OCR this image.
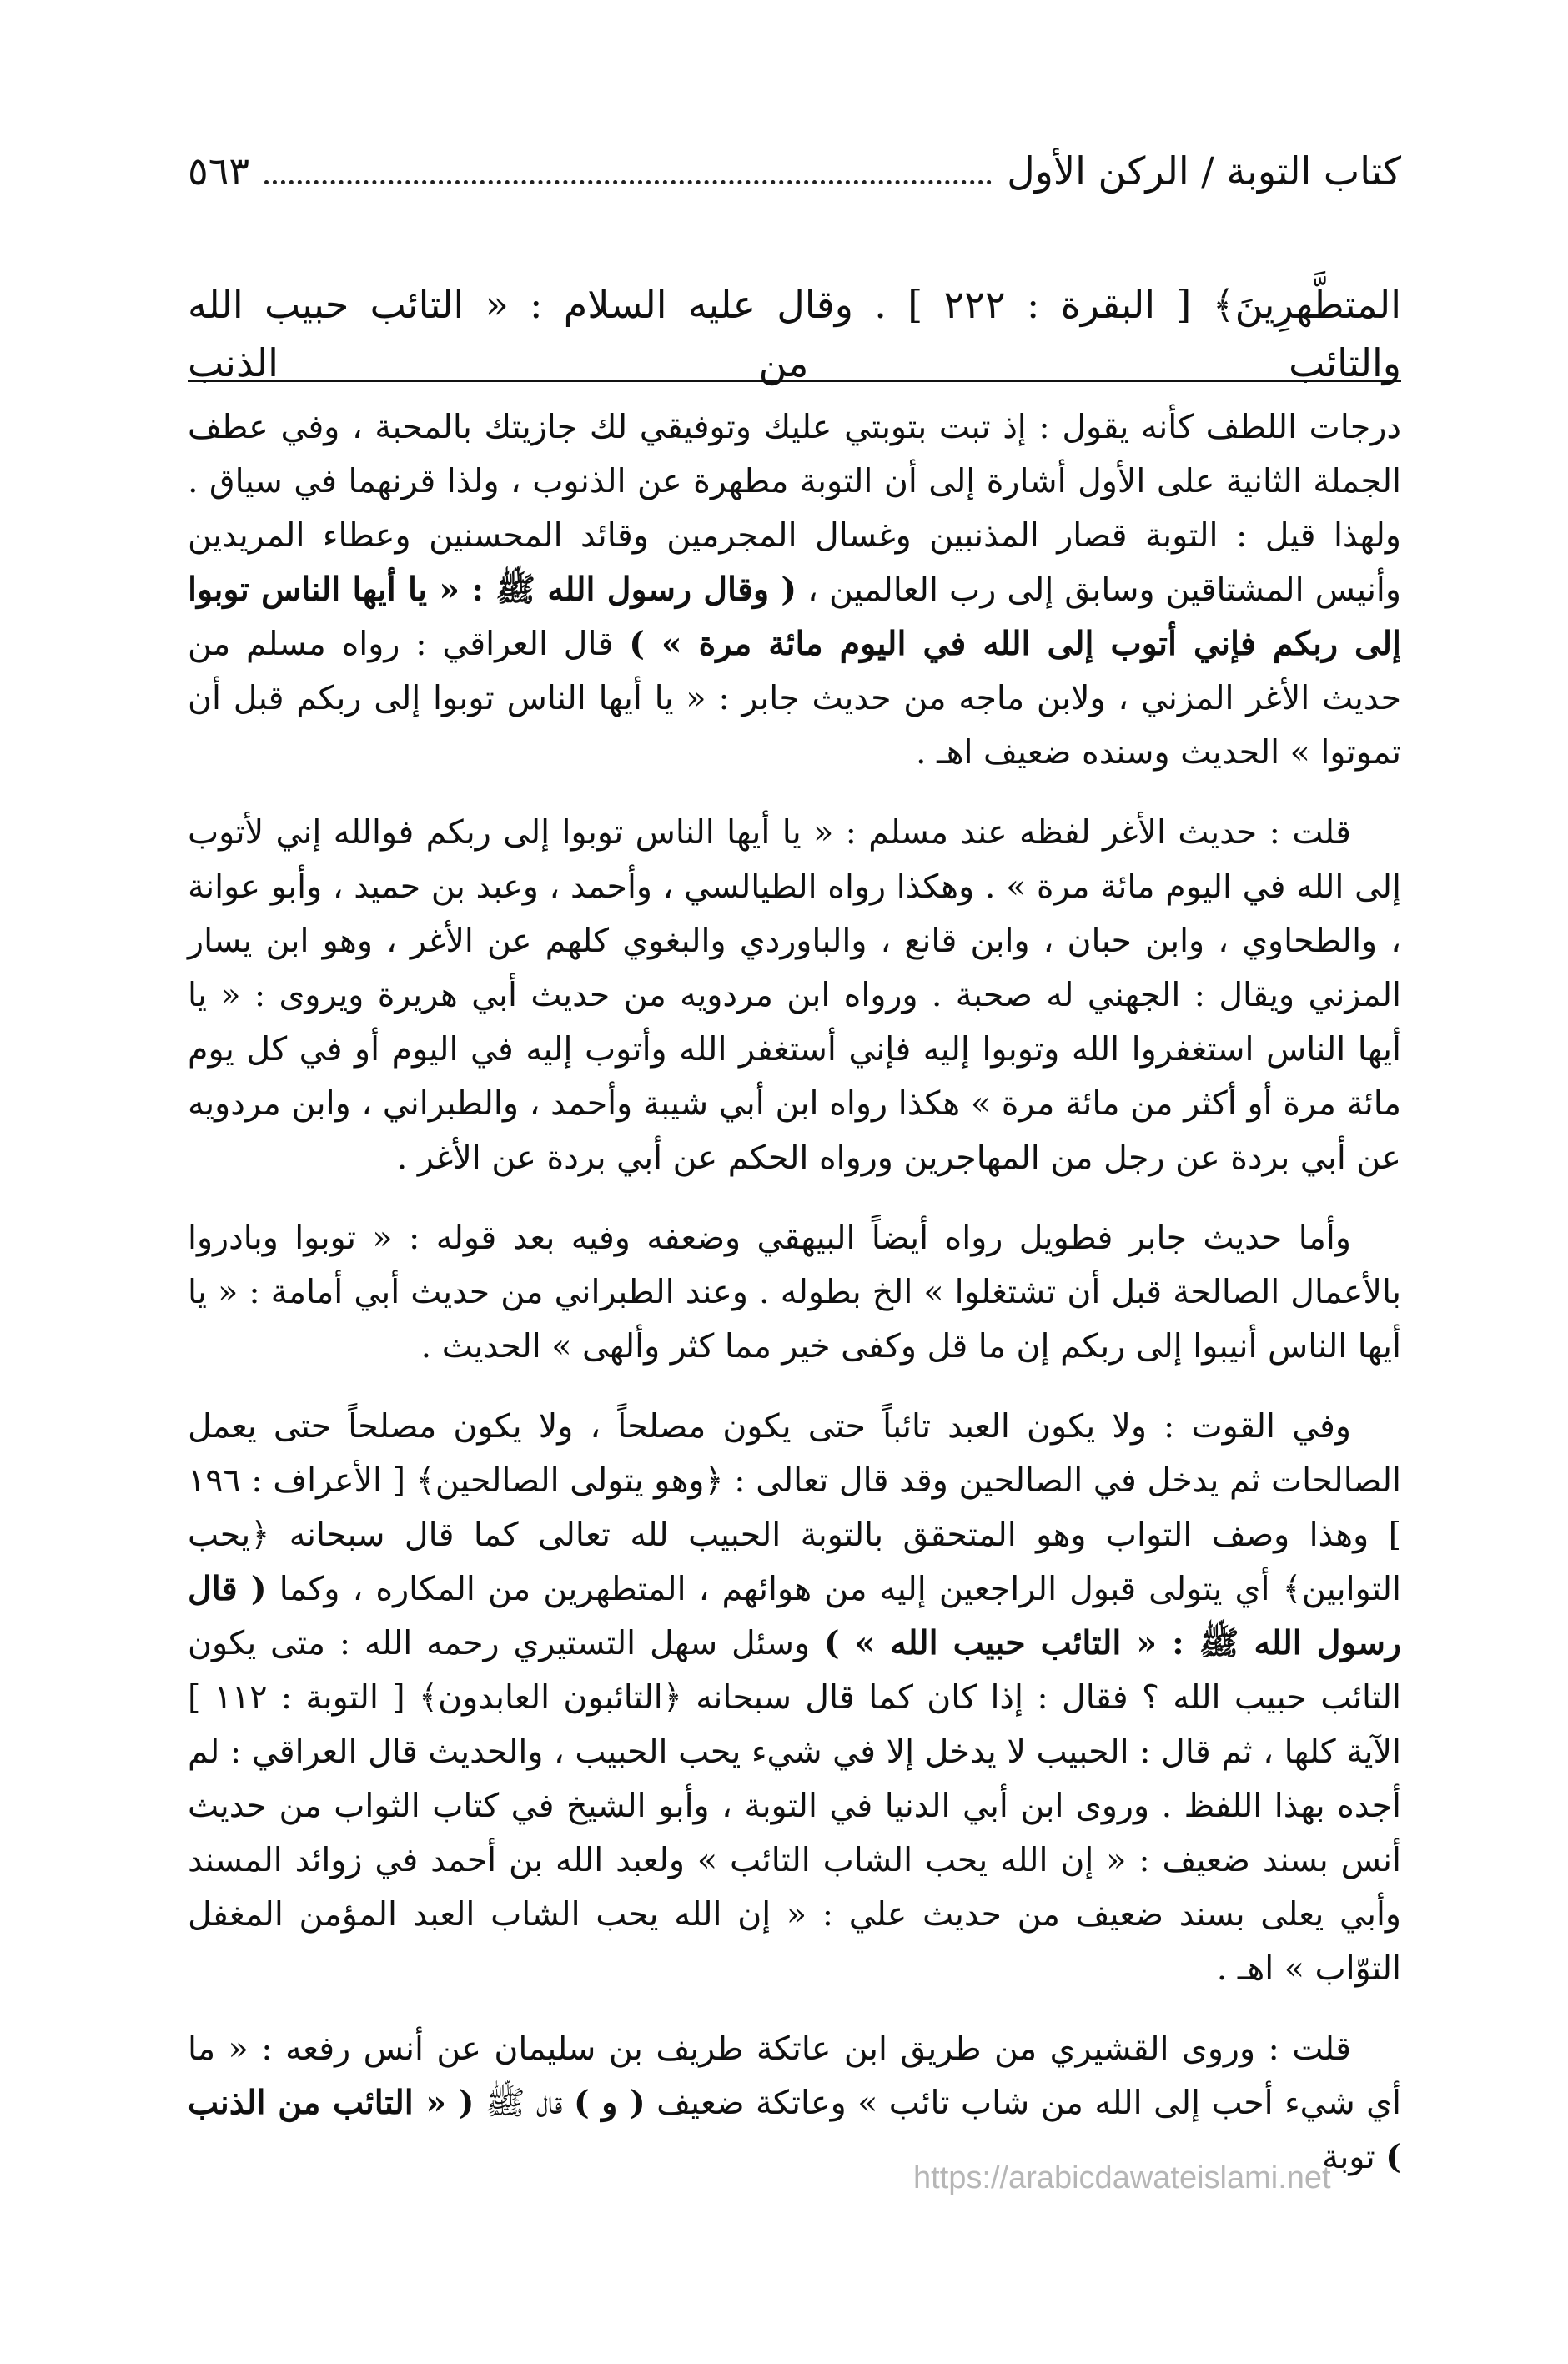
كتاب التوبة / الركن الأول
٥٦٣
المتطَّهرِينَ﴾ [ البقرة : ٢٢٢ ] . وقال عليه السلام : « التائب حبيب الله والتائب من الذنب

درجات اللطف كأنه يقول : إذ تبت بتوبتي عليك وتوفيقي لك جازيتك بالمحبة ، وفي عطف الجملة الثانية على الأول أشارة إلى أن التوبة مطهرة عن الذنوب ، ولذا قرنهما في سياق . ولهذا قيل : التوبة قصار المذنبين وغسال المجرمين وقائد المحسنين وعطاء المريدين وأنيس المشتاقين وسابق إلى رب العالمين ، ( وقال رسول الله ﷺ : « يا أيها الناس توبوا إلى ربكم فإني أتوب إلى الله في اليوم مائة مرة » ) قال العراقي : رواه مسلم من حديث الأغر المزني ، ولابن ماجه من حديث جابر : « يا أيها الناس توبوا إلى ربكم قبل أن تموتوا » الحديث وسنده ضعيف اهـ .

قلت : حديث الأغر لفظه عند مسلم : « يا أيها الناس توبوا إلى ربكم فوالله إني لأتوب إلى الله في اليوم مائة مرة » . وهكذا رواه الطيالسي ، وأحمد ، وعبد بن حميد ، وأبو عوانة ، والطحاوي ، وابن حبان ، وابن قانع ، والباوردي والبغوي كلهم عن الأغر ، وهو ابن يسار المزني ويقال : الجهني له صحبة . ورواه ابن مردويه من حديث أبي هريرة ويروى : « يا أيها الناس استغفروا الله وتوبوا إليه فإني أستغفر الله وأتوب إليه في اليوم أو في كل يوم مائة مرة أو أكثر من مائة مرة » هكذا رواه ابن أبي شيبة وأحمد ، والطبراني ، وابن مردويه عن أبي بردة عن رجل من المهاجرين ورواه الحكم عن أبي بردة عن الأغر .

وأما حديث جابر فطويل رواه أيضاً البيهقي وضعفه وفيه بعد قوله : « توبوا وبادروا بالأعمال الصالحة قبل أن تشتغلوا » الخ بطوله . وعند الطبراني من حديث أبي أمامة : « يا أيها الناس أنيبوا إلى ربكم إن ما قل وكفى خير مما كثر وألهى » الحديث .

وفي القوت : ولا يكون العبد تائباً حتى يكون مصلحاً ، ولا يكون مصلحاً حتى يعمل الصالحات ثم يدخل في الصالحين وقد قال تعالى : ﴿وهو يتولى الصالحين﴾ [ الأعراف : ١٩٦ ] وهذا وصف التواب وهو المتحقق بالتوبة الحبيب لله تعالى كما قال سبحانه ﴿يحب التوابين﴾ أي يتولى قبول الراجعين إليه من هوائهم ، المتطهرين من المكاره ، وكما ( قال رسول الله ﷺ : « التائب حبيب الله » ) وسئل سهل التستيري رحمه الله : متى يكون التائب حبيب الله ؟ فقال : إذا كان كما قال سبحانه ﴿التائبون العابدون﴾ [ التوبة : ١١٢ ] الآية كلها ، ثم قال : الحبيب لا يدخل إلا في شيء يحب الحبيب ، والحديث قال العراقي : لم أجده بهذا اللفظ . وروى ابن أبي الدنيا في التوبة ، وأبو الشيخ في كتاب الثواب من حديث أنس بسند ضعيف : « إن الله يحب الشاب التائب » ولعبد الله بن أحمد في زوائد المسند وأبي يعلى بسند ضعيف من حديث علي : « إن الله يحب الشاب العبد المؤمن المغفل التوّاب » اهـ .

قلت : وروى القشيري من طريق ابن عاتكة طريف بن سليمان عن أنس رفعه : « ما أي شيء أحب إلى الله من شاب تائب » وعاتكة ضعيف ( و ) قال ﷺ ( « التائب من الذنب ) توبة

https://arabicdawateislami.net
